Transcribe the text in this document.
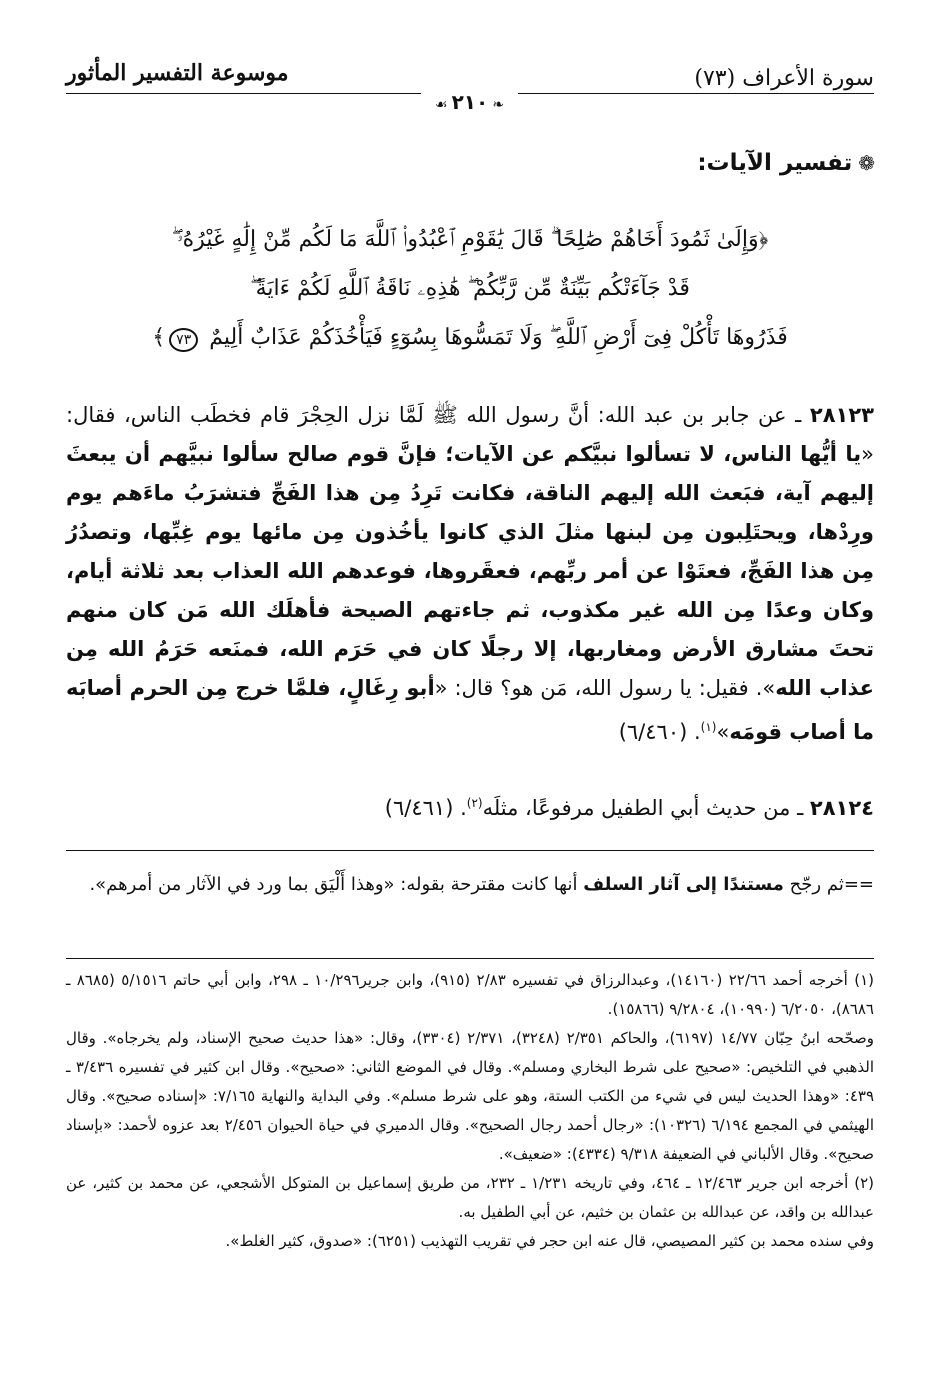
موسوعة التفسير المأثور	سورة الأعراف (٧٣)
❧٢١٠☙
❁تفسير الآيات:
﴿وَإِلَىٰ ثَمُودَ أَخَاهُمْ صَٰلِحًا ۗ قَالَ يَٰقَوْمِ ٱعْبُدُوا۟ ٱللَّهَ مَا لَكُم مِّنْ إِلَٰهٍ غَيْرُهُۥ ۖ
قَدْ جَآءَتْكُم بَيِّنَةٌ مِّن رَّبِّكُمْ ۖ هَٰذِهِۦ نَاقَةُ ٱللَّهِ لَكُمْ ءَايَةً ۖ
فَذَرُوهَا تَأْكُلْ فِىٓ أَرْضِ ٱللَّهِ ۖ وَلَا تَمَسُّوهَا بِسُوٓءٍ فَيَأْخُذَكُمْ عَذَابٌ أَلِيمٌ ٧٣﴾

٢٨١٢٣ ـ عن جابر بن عبد الله: أنَّ رسول الله ﷺ لَمَّا نزل الحِجْرَ قام فخطَب الناس، فقال: «يا أيُّها الناس، لا تسألوا نبيَّكم عن الآيات؛ فإنَّ قوم صالح سألوا نبيَّهم أن يبعثَ إليهم آية، فبَعث الله إليهم الناقة، فكانت تَرِدُ مِن هذا الفَجِّ فتشرَبُ ماءَهم يوم ورِدْها، ويحتَلِبون مِن لبنها مثلَ الذي كانوا يأخُذون مِن مائها يوم غِبِّها، وتصدُرُ مِن هذا الفَجِّ، فعتَوْا عن أمر ربِّهم، فعقَروها، فوعدهم الله العذاب بعد ثلاثة أيام، وكان وعدًا مِن الله غير مكذوب، ثم جاءتهم الصيحة فأهلَك الله مَن كان منهم تحتَ مشارق الأرض ومغاربها، إلا رجلًا كان في حَرَم الله، فمنَعه حَرَمُ الله مِن عذاب الله». فقيل: يا رسول الله، مَن هو؟ قال: «أبو رِغَالٍ، فلمَّا خرج مِن الحرم أصابَه ما أصاب قومَه»$^{(١)}$. (٦/٤٦٠)

٢٨١٢٤ ـ من حديث أبي الطفيل مرفوعًا، مثلَه$^{(٢)}$. (٦/٤٦١)
==ثم رجّح مستندًا إلى آثار السلف أنها كانت مقترحة بقوله: «وهذا أَلْيَق بما ورد في الآثار من أمرهم».

(١) أخرجه أحمد ٢٢/٦٦ (١٤١٦٠)، وعبدالرزاق في تفسيره ٢/٨٣ (٩١٥)، وابن جرير١٠/٢٩٦ ـ ٢٩٨، وابن أبي حاتم ٥/١٥١٦ (٨٦٨٥ ـ ٨٦٨٦)، ٦/٢٠٥٠ (١٠٩٩٠)، ٩/٢٨٠٤ (١٥٨٦٦).

وصحّحه ابنُ حِبّان ١٤/٧٧ (٦١٩٧)، والحاكم ٢/٣٥١ (٣٢٤٨)، ٢/٣٧١ (٣٣٠٤)، وقال: «هذا حديث صحيح الإسناد، ولم يخرجاه». وقال الذهبي في التلخيص: «صحيح على شرط البخاري ومسلم». وقال في الموضع الثاني: «صحيح». وقال ابن كثير في تفسيره ٣/٤٣٦ ـ ٤٣٩: «وهذا الحديث ليس في شيء من الكتب الستة، وهو على شرط مسلم». وفي البداية والنهاية ٧/١٦٥: «إسناده صحيح». وقال الهيثمي في المجمع ٦/١٩٤ (١٠٣٢٦): «رجال أحمد رجال الصحيح». وقال الدميري في حياة الحيوان ٢/٤٥٦ بعد عزوه لأحمد: «بإسناد صحيح». وقال الألباني في الضعيفة ٩/٣١٨ (٤٣٣٤): «ضعيف».

(٢) أخرجه ابن جرير ١٢/٤٦٣ ـ ٤٦٤، وفي تاريخه ١/٢٣١ ـ ٢٣٢، من طريق إسماعيل بن المتوكل الأشجعي، عن محمد بن كثير، عن عبدالله بن واقد، عن عبدالله بن عثمان بن خثيم، عن أبي الطفيل به.

وفي سنده محمد بن كثير المصيصي، قال عنه ابن حجر في تقريب التهذيب (٦٢٥١): «صدوق، كثير الغلط».
